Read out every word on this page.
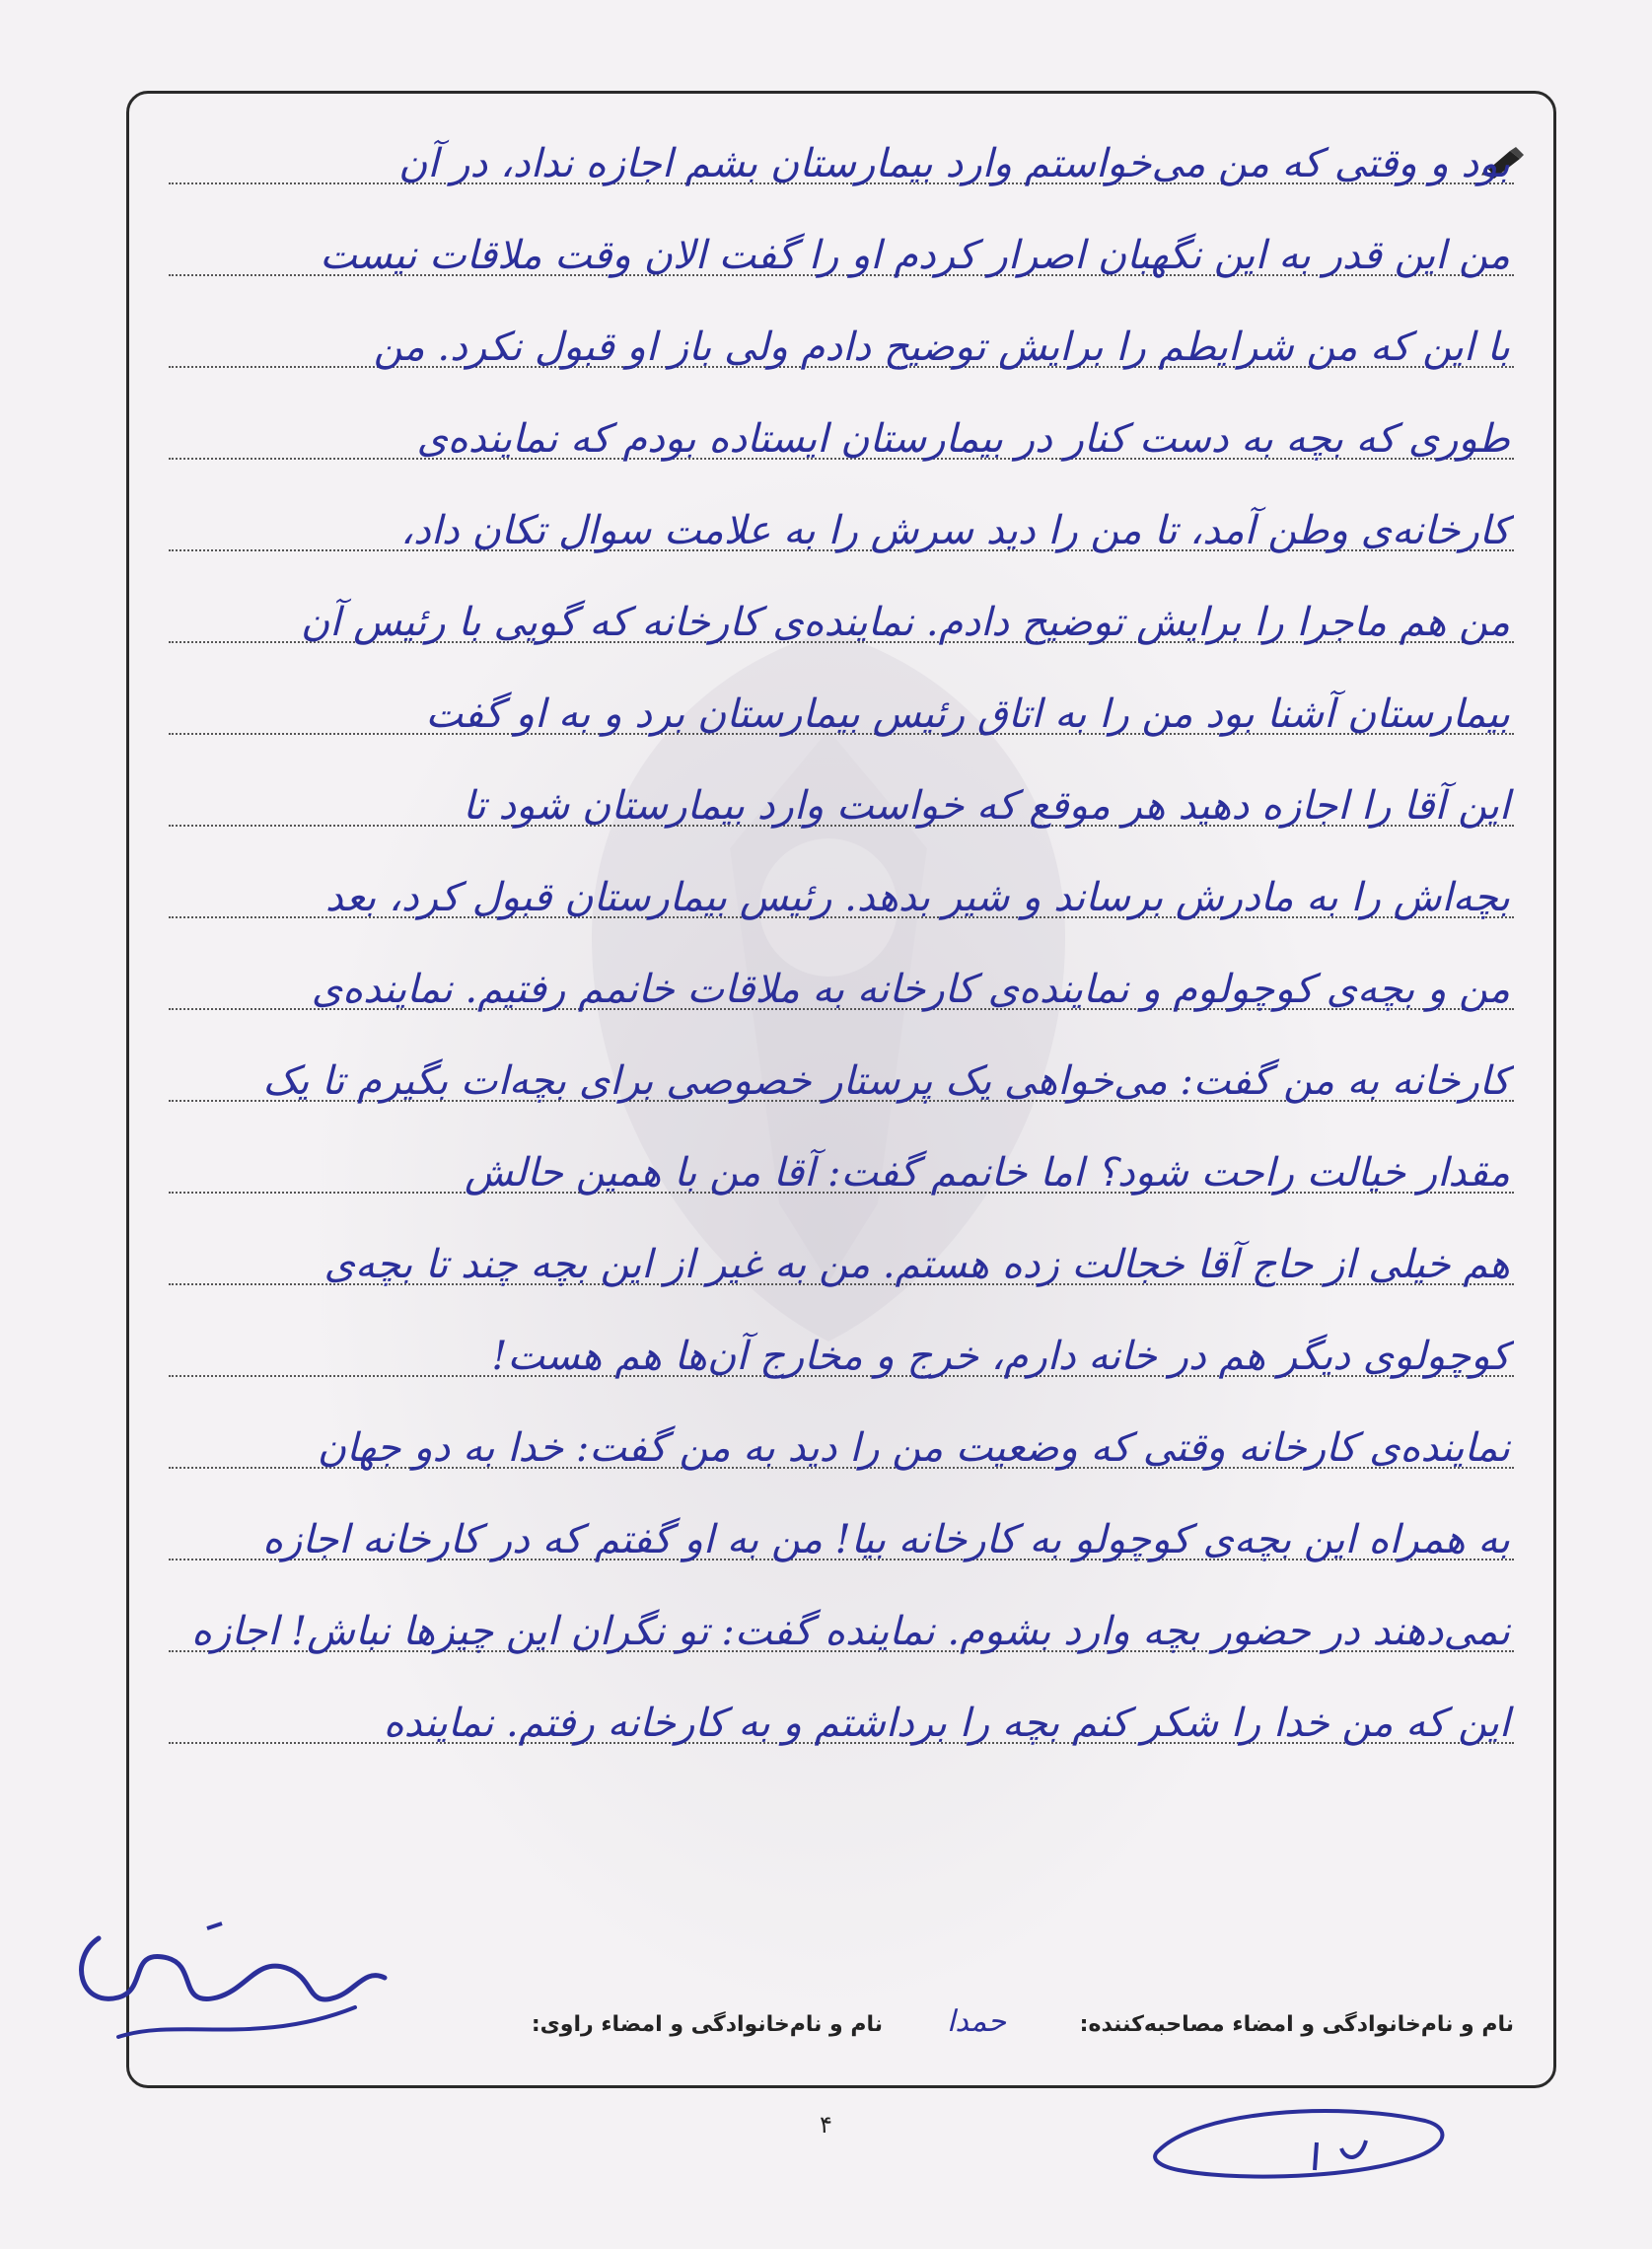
بود و وقتی که من می‌خواستم وارد بیمارستان بشم اجازه نداد، در آن
من این قدر به این نگهبان اصرار کردم او را گفت الان وقت ملاقات نیست
با این که من شرایطم را برایش توضیح دادم ولی باز او قبول نکرد. من
طوری که بچه به دست کنار در بیمارستان ایستاده بودم که نماینده‌ی
کارخانه‌ی وطن آمد، تا من را دید سرش را به علامت سوال تکان داد،
من هم ماجرا را برایش توضیح دادم. نماینده‌ی کارخانه که گویی با رئیس آن
بیمارستان آشنا بود من را به اتاق رئیس بیمارستان برد و به او گفت
این آقا را اجازه دهید هر موقع که خواست وارد بیمارستان شود تا
بچه‌اش را به مادرش برساند و شیر بدهد. رئیس بیمارستان قبول کرد، بعد
من و بچه‌ی کوچولوم و نماینده‌ی کارخانه به ملاقات خانمم رفتیم. نماینده‌ی
کارخانه به من گفت: می‌خواهی یک پرستار خصوصی برای بچه‌ات بگیرم تا یک
مقدار خیالت راحت شود؟ اما خانمم گفت: آقا من با همین حالش
هم خیلی از حاج آقا خجالت زده هستم. من به غیر از این بچه چند تا بچه‌ی
کوچولوی دیگر هم در خانه دارم، خرج و مخارج آن‌ها هم هست!
نماینده‌ی کارخانه وقتی که وضعیت من را دید به من گفت: خدا به دو جهان
به همراه این بچه‌ی کوچولو به کارخانه بیا! من به او گفتم که در کارخانه اجازه
نمی‌دهند در حضور بچه وارد بشوم. نماینده گفت: تو نگران این چیزها نباش! اجازه
این که من خدا را شکر کنم بچه را برداشتم و به کارخانه رفتم. نماینده
نام و نام‌خانوادگی و امضاء مصاحبه‌کننده:
حمدا
نام و نام‌خانوادگی و امضاء راوی:
۴
